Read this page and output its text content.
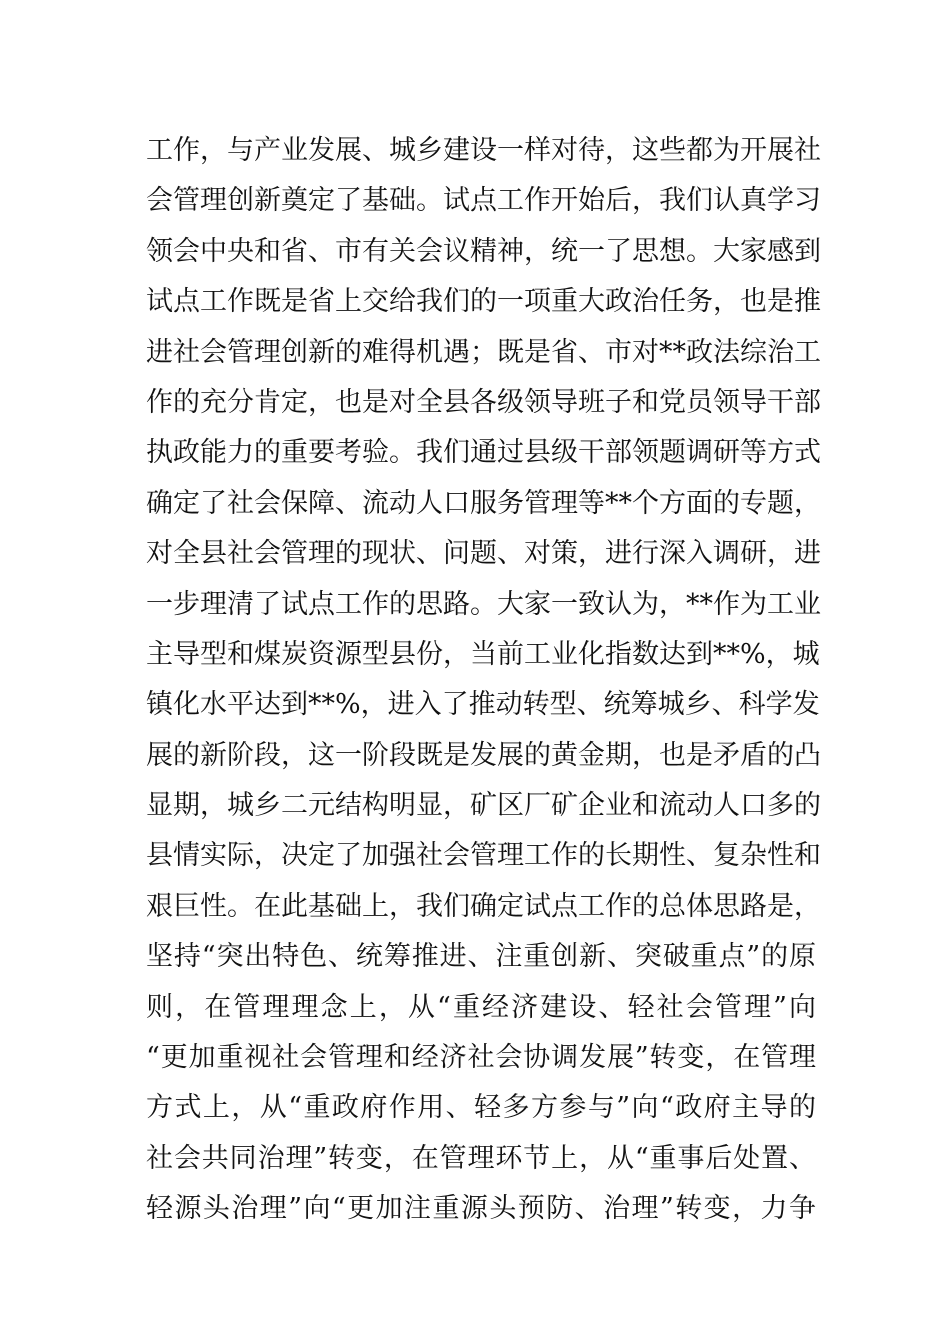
工作，与产业发展、城乡建设一样对待，这些都为开展社
会管理创新奠定了基础。试点工作开始后，我们认真学习
领会中央和省、市有关会议精神，统一了思想。大家感到
试点工作既是省上交给我们的一项重大政治任务，也是推
进社会管理创新的难得机遇；既是省、市对**政法综治工
作的充分肯定，也是对全县各级领导班子和党员领导干部
执政能力的重要考验。我们通过县级干部领题调研等方式
确定了社会保障、流动人口服务管理等**个方面的专题，
对全县社会管理的现状、问题、对策，进行深入调研，进
一步理清了试点工作的思路。大家一致认为，**作为工业
主导型和煤炭资源型县份，当前工业化指数达到**%，城
镇化水平达到**%，进入了推动转型、统筹城乡、科学发
展的新阶段，这一阶段既是发展的黄金期，也是矛盾的凸
显期，城乡二元结构明显，矿区厂矿企业和流动人口多的
县情实际，决定了加强社会管理工作的长期性、复杂性和
艰巨性。在此基础上，我们确定试点工作的总体思路是，
坚持“突出特色、统筹推进、注重创新、突破重点”的原
则，在管理理念上，从“重经济建设、轻社会管理”向
“更加重视社会管理和经济社会协调发展”转变，在管理
方式上，从“重政府作用、轻多方参与”向“政府主导的
社会共同治理”转变，在管理环节上，从“重事后处置、
轻源头治理”向“更加注重源头预防、治理”转变，力争
